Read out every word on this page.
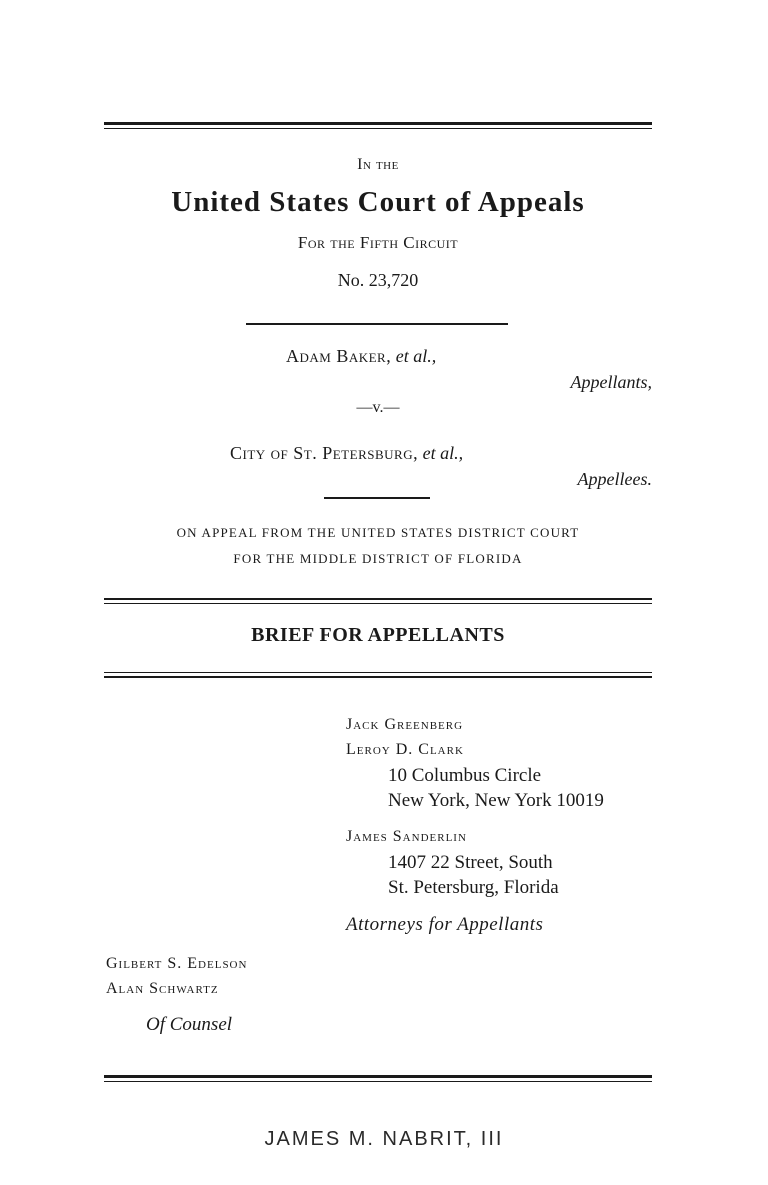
In the
United States Court of Appeals
For the Fifth Circuit
No. 23,720
Adam Baker, et al.,
Appellants,
—v.—
City of St. Petersburg, et al.,
Appellees.
ON APPEAL FROM THE UNITED STATES DISTRICT COURT
FOR THE MIDDLE DISTRICT OF FLORIDA
BRIEF FOR APPELLANTS
Jack Greenberg
Leroy D. Clark
10 Columbus Circle
New York, New York 10019
James Sanderlin
1407 22 Street, South
St. Petersburg, Florida
Attorneys for Appellants
Gilbert S. Edelson
Alan Schwartz
Of Counsel
JAMES M. NABRIT, III
